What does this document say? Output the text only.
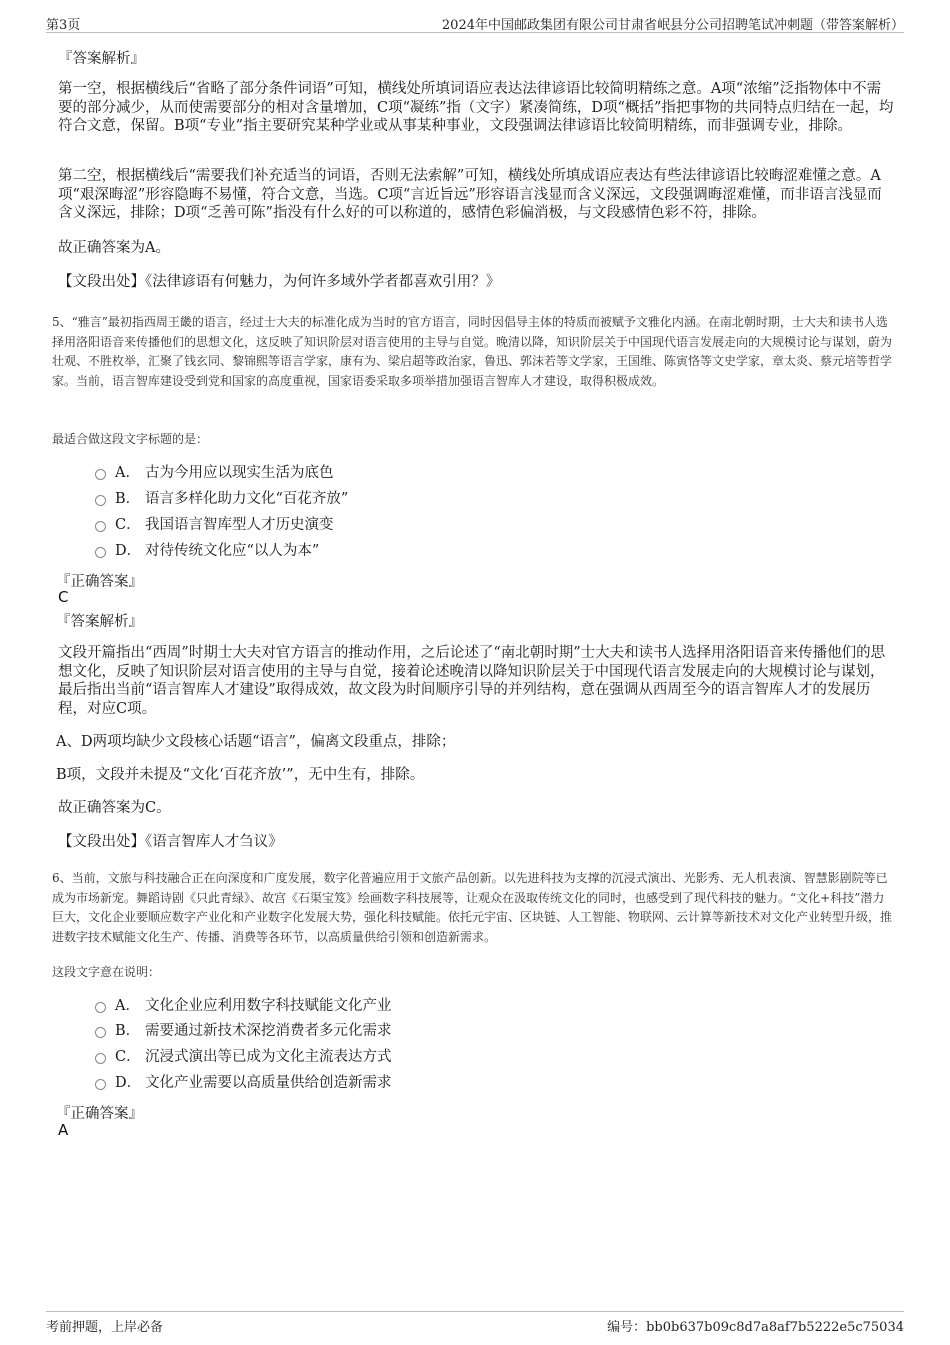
第3页	2024年中国邮政集团有限公司甘肃省岷县分公司招聘笔试冲刺题（带答案解析）
『答案解析』
第一空，根据横线后“省略了部分条件词语”可知，横线处所填词语应表达法律谚语比较简明精练之意。A项“浓缩”泛指物体中不需要的部分减少，从而使需要部分的相对含量增加，C项“凝练”指（文字）紧凑简练，D项“概括”指把事物的共同特点归结在一起，均符合文意，保留。B项“专业”指主要研究某种学业或从事某种事业，文段强调法律谚语比较简明精练，而非强调专业，排除。
第二空，根据横线后“需要我们补充适当的词语，否则无法索解”可知，横线处所填成语应表达有些法律谚语比较晦涩难懂之意。A项“艰深晦涩”形容隐晦不易懂，符合文意，当选。C项“言近旨远”形容语言浅显而含义深远，文段强调晦涩难懂，而非语言浅显而含义深远，排除；D项“乏善可陈”指没有什么好的可以称道的，感情色彩偏消极，与文段感情色彩不符，排除。
故正确答案为A。
【文段出处】《法律谚语有何魅力，为何许多域外学者都喜欢引用？》
5、“雅言”最初指西周王畿的语言，经过士大夫的标准化成为当时的官方语言，同时因倡导主体的特质而被赋予文雅化内涵。在南北朝时期，士大夫和读书人选择用洛阳语音来传播他们的思想文化，这反映了知识阶层对语言使用的主导与自觉。晚清以降，知识阶层关于中国现代语言发展走向的大规模讨论与谋划，蔚为壮观、不胜枚举，汇聚了钱玄同、黎锦熙等语言学家，康有为、梁启超等政治家，鲁迅、郭沫若等文学家，王国维、陈寅恪等文史学家，章太炎、蔡元培等哲学家。当前，语言智库建设受到党和国家的高度重视，国家语委采取多项举措加强语言智库人才建设，取得积极成效。
最适合做这段文字标题的是：
A． 古为今用应以现实生活为底色
B． 语言多样化助力文化“百花齐放”
C． 我国语言智库型人才历史演变
D． 对待传统文化应“以人为本”
『正确答案』
C
『答案解析』
文段开篇指出“西周”时期士大夫对官方语言的推动作用，之后论述了“南北朝时期”士大夫和读书人选择用洛阳语音来传播他们的思想文化，反映了知识阶层对语言使用的主导与自觉，接着论述晚清以降知识阶层关于中国现代语言发展走向的大规模讨论与谋划，最后指出当前“语言智库人才建设”取得成效，故文段为时间顺序引导的并列结构，意在强调从西周至今的语言智库人才的发展历程，对应C项。
A、D两项均缺少文段核心话题“语言”，偏离文段重点，排除；
B项，文段并未提及“文化‘百花齐放’”，无中生有，排除。
故正确答案为C。
【文段出处】《语言智库人才刍议》
6、当前，文旅与科技融合正在向深度和广度发展，数字化普遍应用于文旅产品创新。以先进科技为支撑的沉浸式演出、光影秀、无人机表演、智慧影剧院等已成为市场新宠。舞蹈诗剧《只此青绿》、故宫《石渠宝笈》绘画数字科技展等，让观众在汲取传统文化的同时，也感受到了现代科技的魅力。“文化+科技”潜力巨大，文化企业要顺应数字产业化和产业数字化发展大势，强化科技赋能。依托元宇宙、区块链、人工智能、物联网、云计算等新技术对文化产业转型升级，推进数字技术赋能文化生产、传播、消费等各环节，以高质量供给引领和创造新需求。
这段文字意在说明：
A． 文化企业应利用数字科技赋能文化产业
B． 需要通过新技术深挖消费者多元化需求
C． 沉浸式演出等已成为文化主流表达方式
D． 文化产业需要以高质量供给创造新需求
『正确答案』
A
考前押题，上岸必备	编号：bb0b637b09c8d7a8af7b5222e5c75034
